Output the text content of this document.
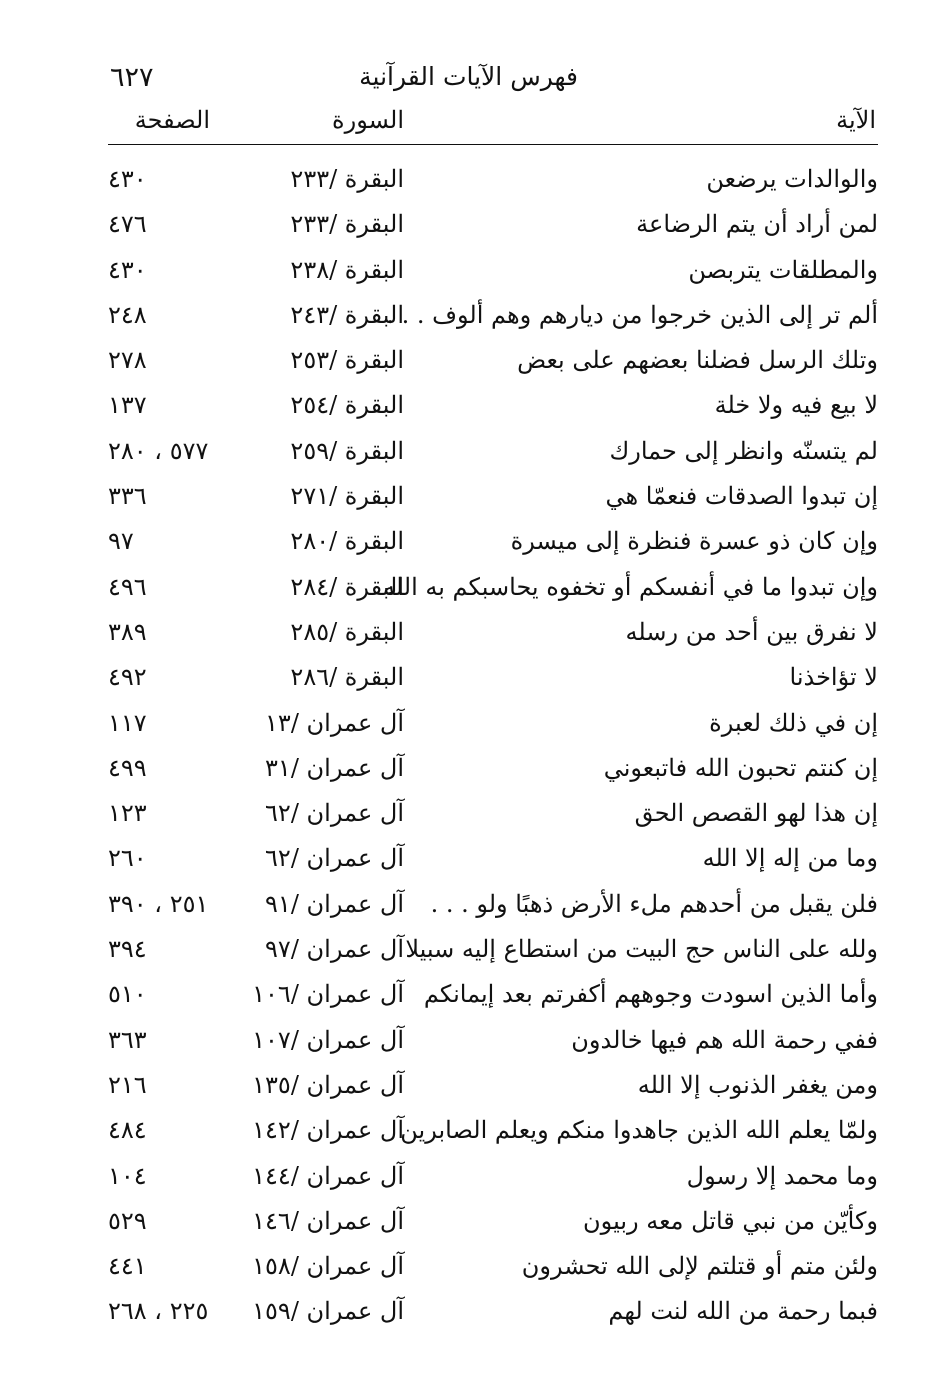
٦٢٧	فهرس الآيات القرآنية
الآية
السورة
الصفحة
والوالدات يرضعن
البقرة /٢٣٣
٤٣٠
لمن أراد أن يتم الرضاعة
البقرة /٢٣٣
٤٧٦
والمطلقات يتربصن
البقرة /٢٣٨
٤٣٠
ألم تر إلى الذين خرجوا من ديارهم وهم ألوف . . .
البقرة /٢٤٣
٢٤٨
وتلك الرسل فضلنا بعضهم على بعض
البقرة /٢٥٣
٢٧٨
لا بيع فيه ولا خلة
البقرة /٢٥٤
١٣٧
لم يتسنّه وانظر إلى حمارك
البقرة /٢٥٩
٥٧٧ ، ٢٨٠
إن تبدوا الصدقات فنعمّا هي
البقرة /٢٧١
٣٣٦
وإن كان ذو عسرة فنظرة إلى ميسرة
البقرة /٢٨٠
٩٧
وإن تبدوا ما في أنفسكم أو تخفوه يحاسبكم به الله
البقرة /٢٨٤
٤٩٦
لا نفرق بين أحد من رسله
البقرة /٢٨٥
٣٨٩
لا تؤاخذنا
البقرة /٢٨٦
٤٩٢
إن في ذلك لعبرة
آل عمران /١٣
١١٧
إن كنتم تحبون الله فاتبعوني
آل عمران /٣١
٤٩٩
إن هذا لهو القصص الحق
آل عمران /٦٢
١٢٣
وما من إله إلا الله
آل عمران /٦٢
٢٦٠
فلن يقبل من أحدهم ملء الأرض ذهبًا ولو . . .
آل عمران /٩١
٢٥١ ، ٣٩٠
ولله على الناس حج البيت من استطاع إليه سبيلا
آل عمران /٩٧
٣٩٤
وأما الذين اسودت وجوههم أكفرتم بعد إيمانكم
آل عمران /١٠٦
٥١٠
ففي رحمة الله هم فيها خالدون
آل عمران /١٠٧
٣٦٣
ومن يغفر الذنوب إلا الله
آل عمران /١٣٥
٢١٦
ولمّا يعلم الله الذين جاهدوا منكم ويعلم الصابرين
آل عمران /١٤٢
٤٨٤
وما محمد إلا رسول
آل عمران /١٤٤
١٠٤
وكأيّن من نبي قاتل معه ربيون
آل عمران /١٤٦
٥٢٩
ولئن متم أو قتلتم لإلى الله تحشرون
آل عمران /١٥٨
٤٤١
فبما رحمة من الله لنت لهم
آل عمران /١٥٩
٢٢٥ ، ٢٦٨
